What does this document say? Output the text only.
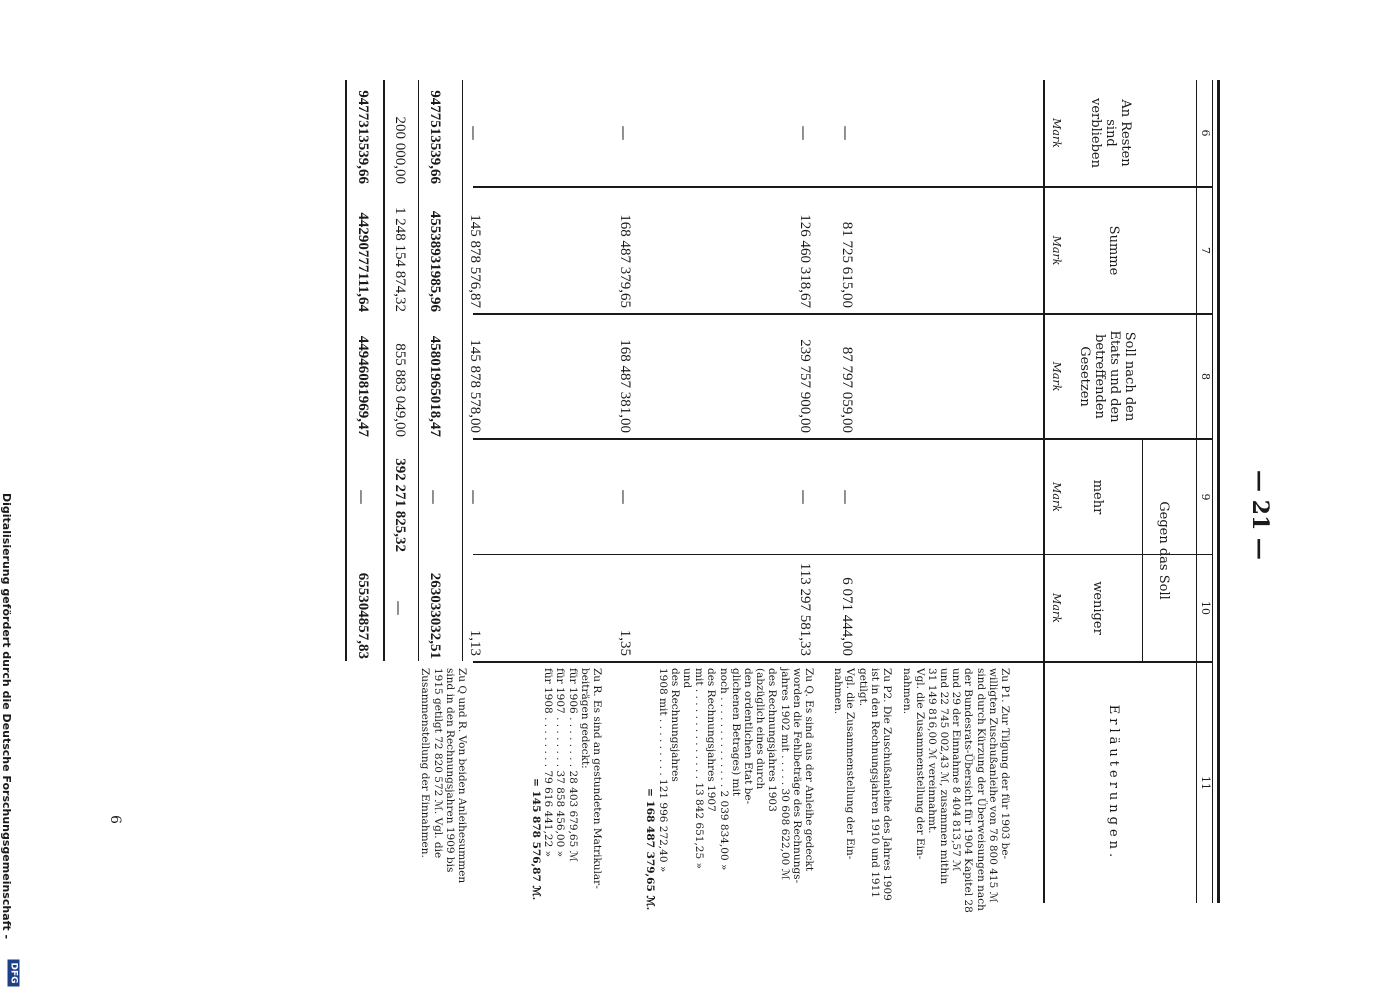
Digitalisierung gefördert durch die Deutsche Forschungsgemeinschaft -
DFG
— 21 —
6
6
7
8
9
10
11
An Resten sind verblieben
Summe
Soll nach den Etats und den betreffenden Gesetzen
Gegen das Soll
mehr
weniger
Erläuterungen.
Mark
Mark
Mark
Mark
Mark
—
81 725 615,00
87 797 059,00
—
6 071 444,00
—
126 460 318,67
239 757 900,00
—
113 297 581,33
—
168 487 379,65
168 487 381,00
—
1,35
—
145 878 576,87
145 878 578,00
—
1,13
Zu P1. Zur Tilgung der für 1903 be-
willigten Zuschußanleihe von 76 800 415 ℳ
sind durch Kürzung der Überweisungen nach
der Bundesrats-Übersicht für 1904 Kapitel 28
und 29 der Einnahme 8 404 813,57 ℳ
und 22 745 002,43 ℳ, zusammen mithin
31 149 816,00 ℳ vereinnahmt.
Vgl. die Zusammenstellung der Ein-
nahmen.
Zu P2. Die Zuschußanleihe des Jahres 1909
ist in den Rechnungsjahren 1910 und 1911
getilgt.
Vgl. die Zusammenstellung der Ein-
nahmen.
Zu Q. Es sind aus der Anleihe gedeckt
worden die Fehlbeträge des Rechnungs-
jahres 1902 mit . . . . . 30 608 622,00 ℳ
des Rechnungsjahres 1903
(abzüglich eines durch
den ordentlichen Etat be-
glichenen Betrages) mit
noch . . . . . . . . . . . . . . 2 039 834,00 »
des Rechnungsjahres 1907
mit . . . . . . . . . . . . . . 13 842 651,25 »
und
des Rechnungsjahres
1908 mit . . . . . . . . . 121 996 272,40 »
= 168 487 379,65 ℳ.
Zu R. Es sind an gestundeten Matrikular-
beiträgen gedeckt:
für 1906 . . . . . . . . 28 403 679,65 ℳ
für 1907 . . . . . . . . 37 858 456,00 »
für 1908 . . . . . . . . 79 616 441,22 »
= 145 878 576,87 ℳ.
Zu Q und R. Von beiden Anleihesummen
sind in den Rechnungsjahren 1909 bis
1915 getilgt 72 820 572 ℳ. Vgl. die
Zusammenstellung der Einnahmen.
9477513539,66
45538931985,96
45801965018,47
—
263033032,51
200 000,00
1 248 154 874,32
855 883 049,00
392 271 825,32
—
9477313539,66
44290777111,64
44946081969,47
—
655304857,83
